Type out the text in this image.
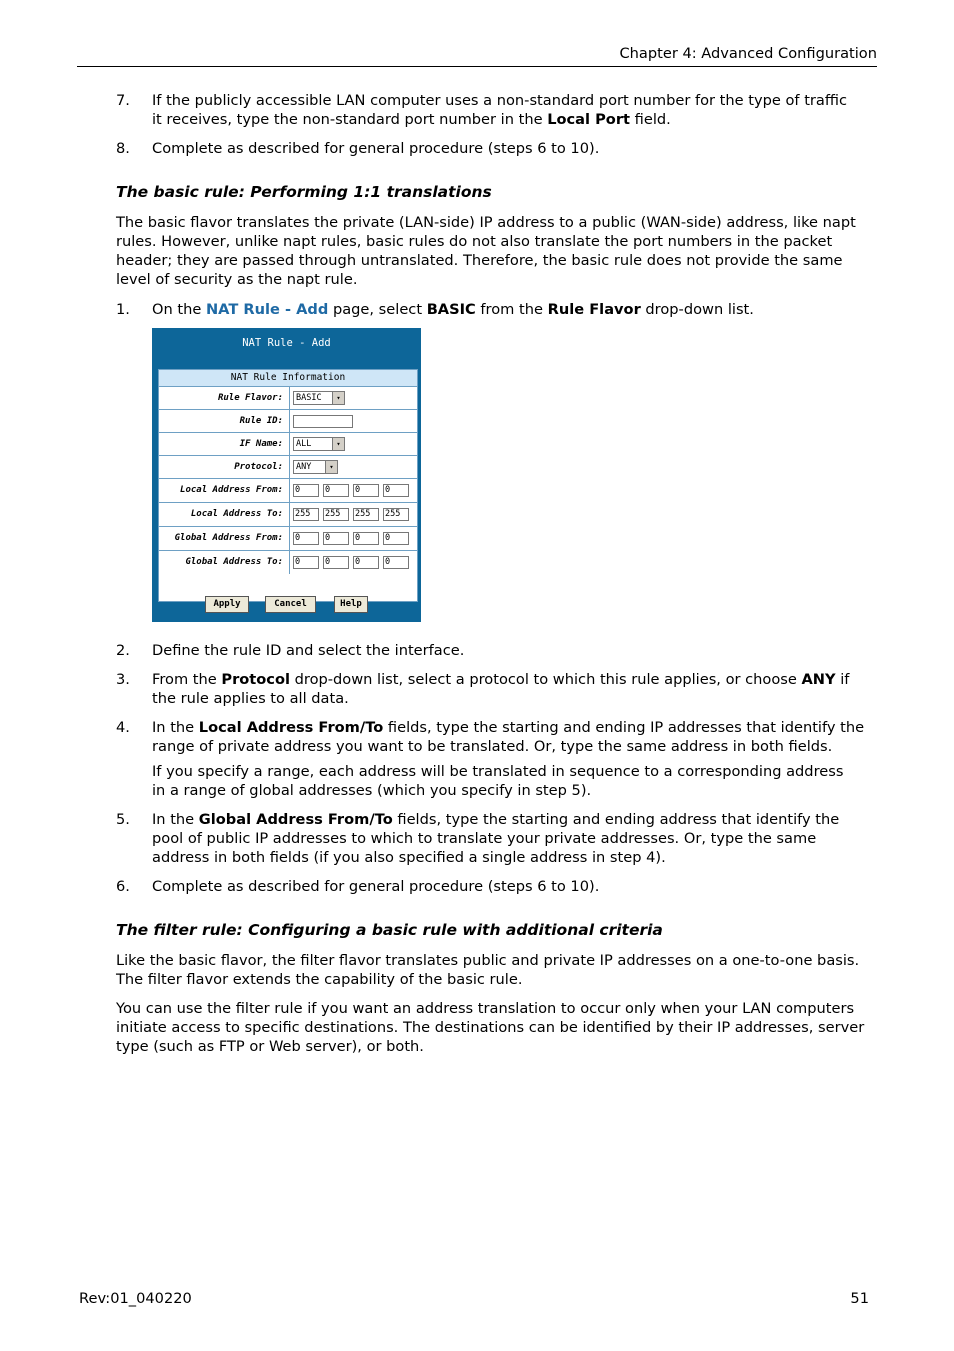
Chapter 4: Advanced Configuration
7.	If the publicly accessible LAN computer uses a non-standard port number for the type of traffic it receives, type the non-standard port number in the Local Port field.
8.	Complete as described for general procedure (steps 6 to 10).
The basic rule: Performing 1:1 translations
The basic flavor translates the private (LAN-side) IP address to a public (WAN-side) address, like napt rules. However, unlike napt rules, basic rules do not also translate the port numbers in the packet header; they are passed through untranslated. Therefore, the basic rule does not provide the same level of security as the napt rule.
1.	On the NAT Rule - Add page, select BASIC from the Rule Flavor drop-down list.
NAT Rule - Add
NAT Rule Information
Rule Flavor:	BASIC	▾
Rule ID:
IF Name:	ALL	▾
Protocol:	ANY	▾
Local Address From:	0	0	0	0
Local Address To:	255	255	255	255
Global Address From:	0	0	0	0
Global Address To:	0	0	0	0
Apply	Cancel	Help
2.	Define the rule ID and select the interface.
3.	From the Protocol drop-down list, select a protocol to which this rule applies, or choose ANY if the rule applies to all data.
4.	In the Local Address From/To fields, type the starting and ending IP addresses that identify the range of private address you want to be translated. Or, type the same address in both fields.
If you specify a range, each address will be translated in sequence to a corresponding address in a range of global addresses (which you specify in step 5).
5.	In the Global Address From/To fields, type the starting and ending address that identify the pool of public IP addresses to which to translate your private addresses. Or, type the same address in both fields (if you also specified a single address in step 4).
6.	Complete as described for general procedure (steps 6 to 10).
The filter rule: Configuring a basic rule with additional criteria
Like the basic flavor, the filter flavor translates public and private IP addresses on a one-to-one basis. The filter flavor extends the capability of the basic rule.
You can use the filter rule if you want an address translation to occur only when your LAN computers initiate access to specific destinations. The destinations can be identified by their IP addresses, server type (such as FTP or Web server), or both.
Rev:01_040220	51
